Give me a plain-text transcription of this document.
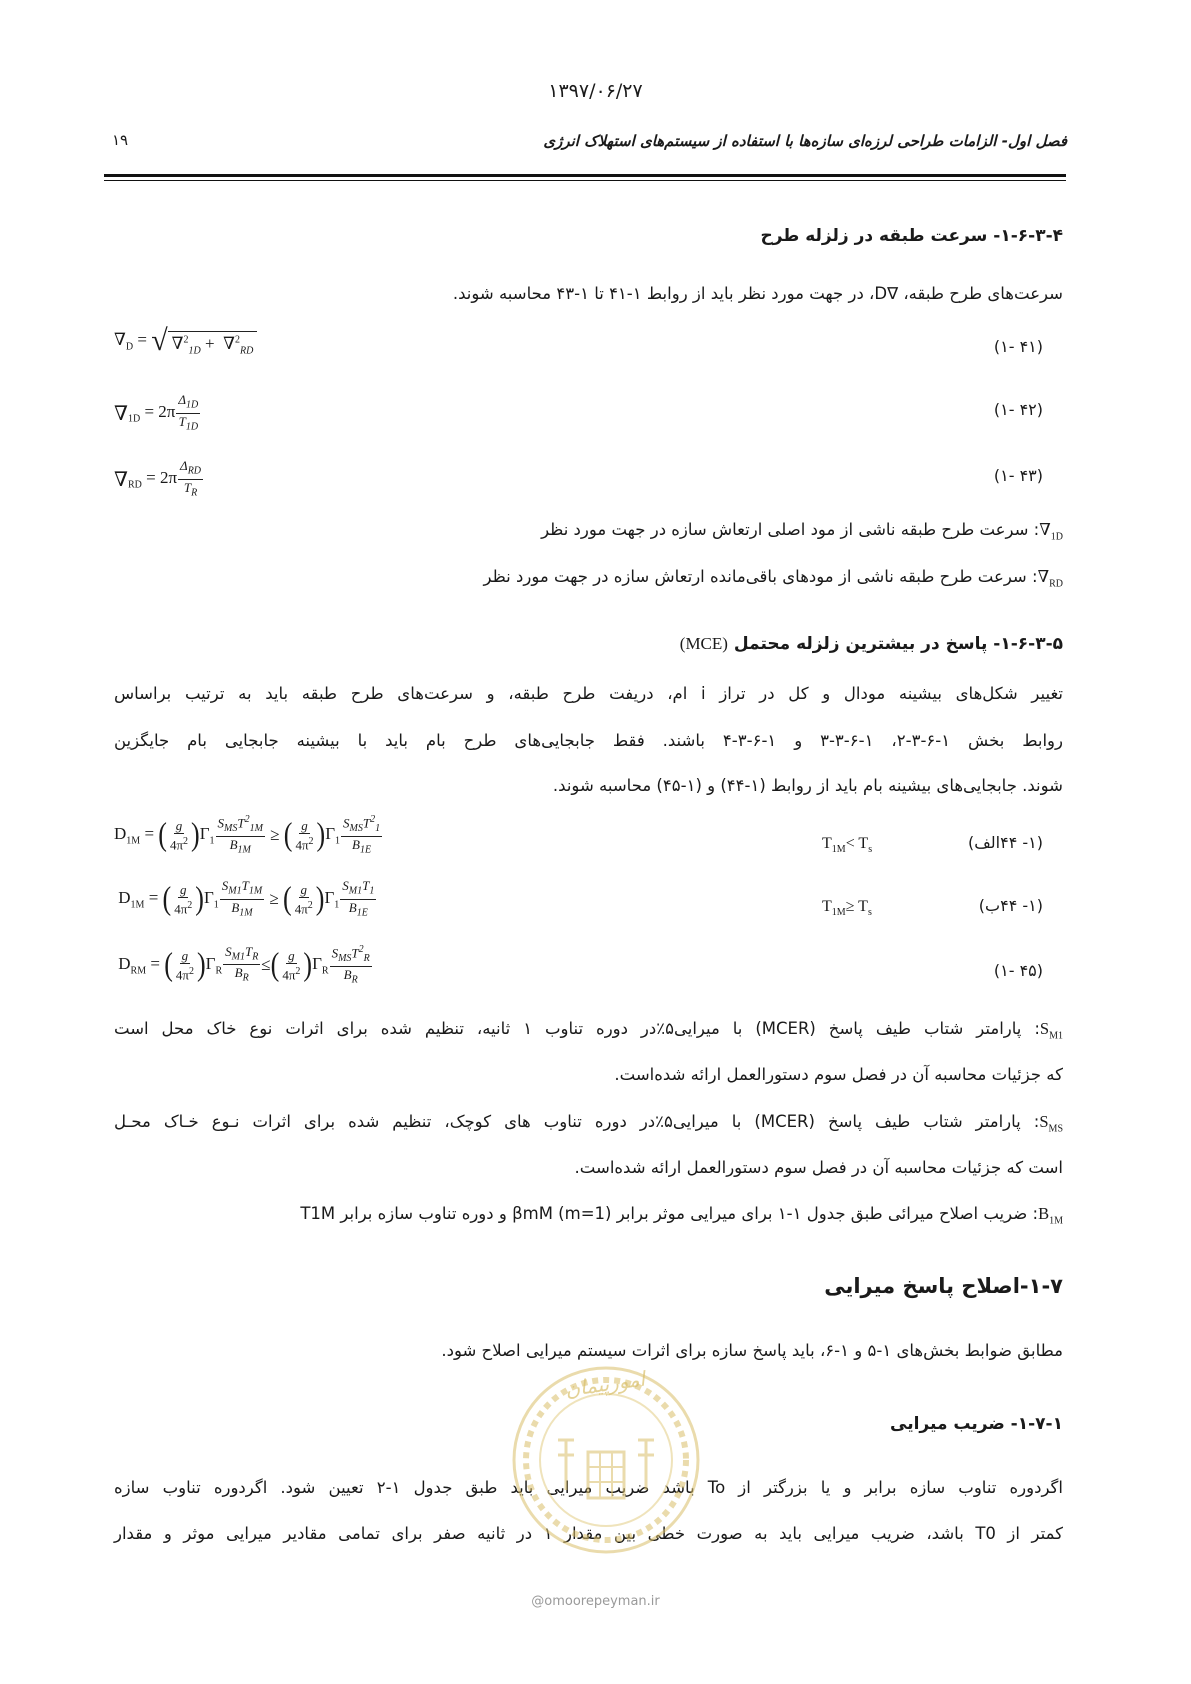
۱۳۹۷/۰۶/۲۷
فصل اول- الزامات طراحی لرزه‌ای سازه‌ها با استفاده از سیستم‌های استهلاک انرژی
۱۹
۱-۶-۳-۴- سرعت طبقه در زلزله طرح
سرعت‌های طرح طبقه، ∇D، در جهت مورد نظر باید از روابط ۱-۴۱ تا ۱-۴۳ محاسبه شوند.
$\nabla_D$ = √ ∇$^2_{1D}$ +  ∇$^2_{RD}$	(۱- ۴۱)
∇ $_{1D} = 2\pi \frac{\Delta_{1D}}{T_{1D}}$	(۱- ۴۲)
∇ $_{RD} = 2\pi \frac{\Delta_{RD}}{T_R}$	(۱- ۴۳)
$\nabla_{1D}$: سرعت طرح طبقه ناشی از مود اصلی ارتعاش سازه در جهت مورد نظر
$\nabla_{RD}$: سرعت طرح طبقه ناشی از مودهای باقی‌مانده ارتعاش سازه در جهت مورد نظر
۱-۶-۳-۵- پاسخ در بیشترین زلزله محتمل (MCE)
تغییر شکل‌های بیشینه مودال و کل در تراز i ام، دریفت طرح طبقه، و سرعت‌های طرح طبقه باید به ترتیب براساس
روابط بخش ۱-۶-۳-۲، ۱-۶-۳-۳ و ۱-۶-۳-۴ باشند. فقط جابجایی‌های طرح بام باید با بیشینه جابجایی بام جایگزین
شوند. جابجایی‌های بیشینه بام باید از روابط (۱-۴۴) و (۱-۴۵) محاسبه شوند.
$D_{1M}$ = ( $\frac{g}{4\pi^2}$ ) $\Gamma_1 \frac{S_{MS}T^2_{1M}}{B_{1M}}$ ≥ ( $\frac{g}{4\pi^2}$ ) $\Gamma_1 \frac{S_{MS}T^2_1}{B_{1E}}$	$T_{1M}< T_s$	(۱- ۴۴الف)
$D_{1M}$ = ( $\frac{g}{4\pi^2}$ ) $\Gamma_1 \frac{S_{M1}T_{1M}}{B_{1M}}$ ≥ ( $\frac{g}{4\pi^2}$ ) $\Gamma_1 \frac{S_{M1}T_1}{B_{1E}}$	$T_{1M}\ge T_s$	(۱- ۴۴ب)
$D_{RM}$ = ( $\frac{g}{4\pi^2}$ ) $\Gamma_R \frac{S_{M1}T_R}{B_R}$ ≤ ( $\frac{g}{4\pi^2}$ ) $\Gamma_R \frac{S_{MS}T^2_R}{B_R}$	(۱- ۴۵)
$S_{M1}$: پارامتر شتاب طیف پاسخ (MCER) با میرایی۵٪در دوره تناوب ۱ ثانیه، تنظیم شده برای اثرات نوع خاک محل است
که جزئیات محاسبه آن در فصل سوم دستورالعمل ارائه شده‌است.
$S_{MS}$: پارامتر شتاب طیف پاسخ (MCER) با میرایی۵٪در دوره تناوب های کوچک، تنظیم شده برای اثرات نـوع خـاک محـل
است که جزئیات محاسبه آن در فصل سوم دستورالعمل ارائه شده‌است.
$B_{1M}$: ضریب اصلاح میرائی طبق جدول ۱-۱ برای میرایی موثر برابر (m=1) βmM و دوره تناوب سازه برابر T1M
۱-۷-اصلاح پاسخ میرایی
مطابق ضوابط بخش‌های ۱-۵ و ۱-۶، باید پاسخ سازه برای اثرات سیستم میرایی اصلاح شود.
۱-۷-۱- ضریب میرایی
اگردوره تناوب سازه برابر و یا بزرگتر از To باشد ضریب میرایی باید طبق جدول ۱-۲ تعیین شود. اگردوره تناوب سازه
کمتر از T0 باشد، ضریب میرایی باید به صورت خطی بین مقدار ۱ در ثانیه صفر برای تمامی مقادیر میرایی موثر و مقدار
امورپیمان
@omoorepeyman.ir
